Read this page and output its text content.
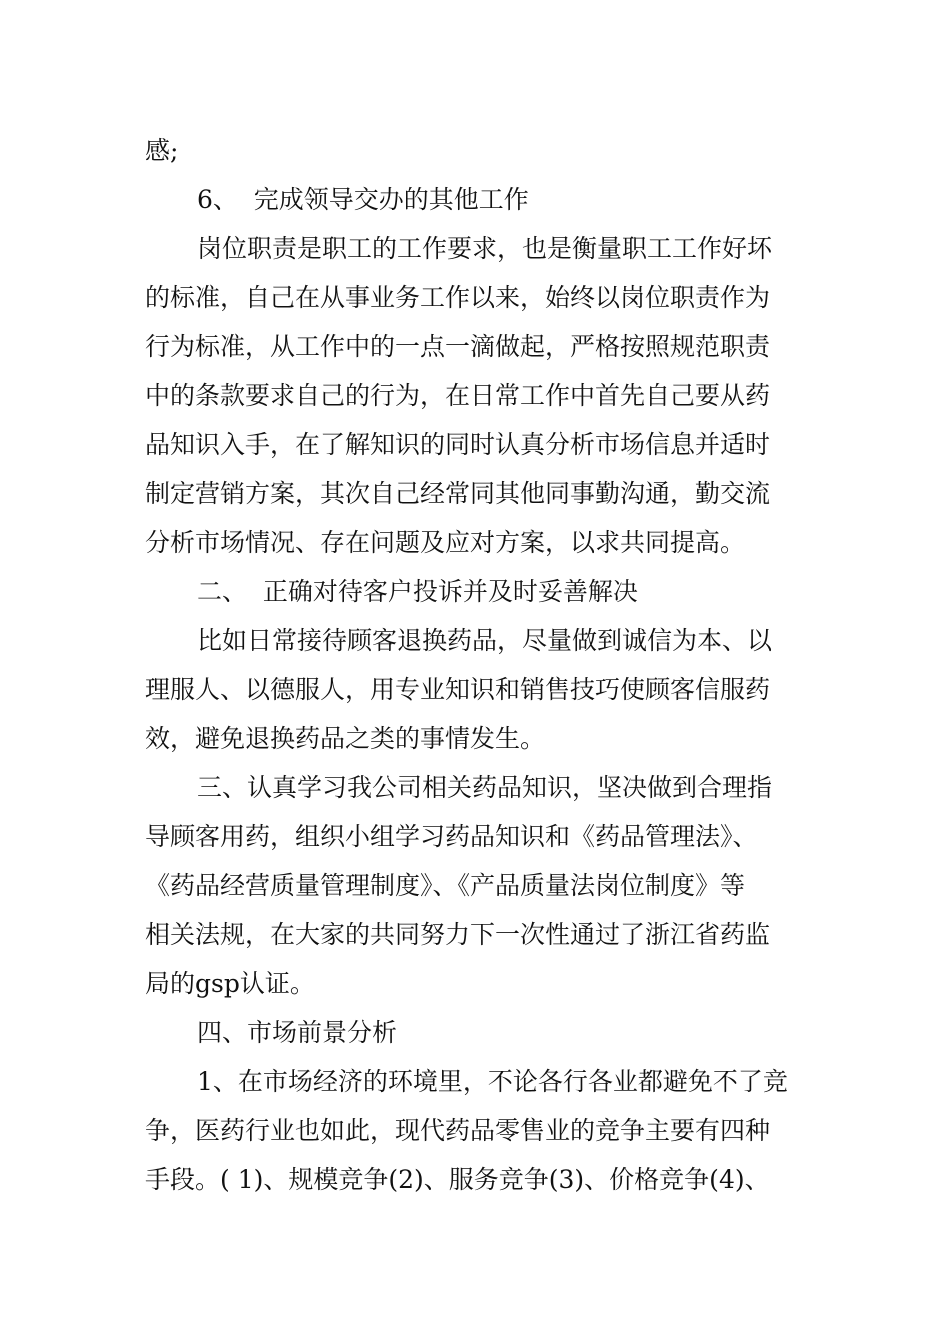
感;
6、  完成领导交办的其他工作
岗位职责是职工的工作要求，也是衡量职工工作好坏
的标准，自己在从事业务工作以来，始终以岗位职责作为
行为标准，从工作中的一点一滴做起，严格按照规范职责
中的条款要求自己的行为，在日常工作中首先自己要从药
品知识入手，在了解知识的同时认真分析市场信息并适时
制定营销方案，其次自己经常同其他同事勤沟通，勤交流
分析市场情况、存在问题及应对方案，以求共同提高。
二、  正确对待客户投诉并及时妥善解决
比如日常接待顾客退换药品，尽量做到诚信为本、以
理服人、以德服人，用专业知识和销售技巧使顾客信服药
效，避免退换药品之类的事情发生。
三、认真学习我公司相关药品知识，坚决做到合理指
导顾客用药，组织小组学习药品知识和《药品管理法》、
《药品经营质量管理制度》、《产品质量法岗位制度》等
相关法规，在大家的共同努力下一次性通过了浙江省药监
局的gsp认证。
四、市场前景分析
1、在市场经济的环境里，不论各行各业都避免不了竞
争，医药行业也如此，现代药品零售业的竞争主要有四种
手段。( 1)、规模竞争(2)、服务竞争(3)、价格竞争(4)、
